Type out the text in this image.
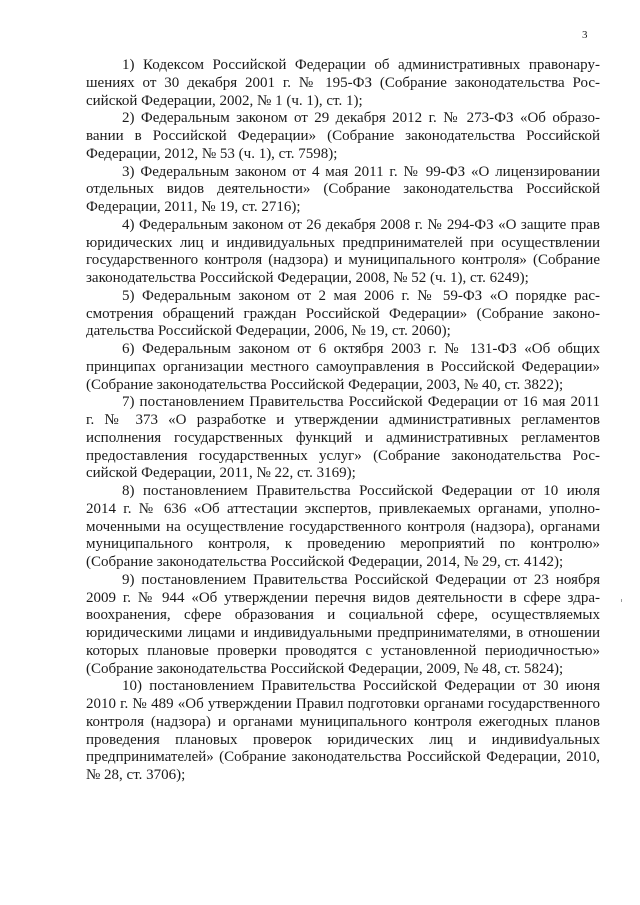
3

1) Кодексом Российской Федерации об административных правонарушениях от 30 декабря 2001 г. № 195-ФЗ (Собрание законодательства Российской Федерации, 2002, № 1 (ч. 1), ст. 1);

2) Федеральным законом от 29 декабря 2012 г. № 273-ФЗ «Об образовании в Российской Федерации» (Собрание законодательства Российской Федерации, 2012, № 53 (ч. 1), ст. 7598);

3) Федеральным законом от 4 мая 2011 г. № 99-ФЗ «О лицензировании отдельных видов деятельности» (Собрание законодательства Российской Федерации, 2011, № 19, ст. 2716);

4) Федеральным законом от 26 декабря 2008 г. № 294-ФЗ «О защите прав юридических лиц и индивидуальных предпринимателей при осуществлении государственного контроля (надзора) и муниципального контроля» (Собрание законодательства Российской Федерации, 2008, № 52 (ч. 1), ст. 6249);

5) Федеральным законом от 2 мая 2006 г. № 59-ФЗ «О порядке рассмотрения обращений граждан Российской Федерации» (Собрание законодательства Российской Федерации, 2006, № 19, ст. 2060);

6) Федеральным законом от 6 октября 2003 г. № 131-ФЗ «Об общих принципах организации местного самоуправления в Российской Федерации» (Собрание законодательства Российской Федерации, 2003, № 40, ст. 3822);

7) постановлением Правительства Российской Федерации от 16 мая 2011 г. № 373 «О разработке и утверждении административных регламентов исполнения государственных функций и административных регламентов предоставления государственных услуг» (Собрание законодательства Российской Федерации, 2011, № 22, ст. 3169);

8) постановлением Правительства Российской Федерации от 10 июля 2014 г. № 636 «Об аттестации экспертов, привлекаемых органами, уполномоченными на осуществление государственного контроля (надзора), органами муниципального контроля, к проведению мероприятий по контролю» (Собрание законодательства Российской Федерации, 2014, № 29, ст. 4142);

9) постановлением Правительства Российской Федерации от 23 ноября 2009 г. № 944 «Об утверждении перечня видов деятельности в сфере здравоохранения, сфере образования и социальной сфере, осуществляемых юридическими лицами и индивидуальными предпринимателями, в отношении которых плановые проверки проводятся с установленной периодичностью» (Собрание законодательства Российской Федерации, 2009, № 48, ст. 5824);

10) постановлением Правительства Российской Федерации от 30 июня 2010 г. № 489 «Об утверждении Правил подготовки органами государственного контроля (надзора) и органами муниципального контроля ежегодных планов проведения плановых проверок юридических лиц и индивиdуальных предпринимателей» (Собрание законодательства Российской Федерации, 2010, № 28, ст. 3706);
